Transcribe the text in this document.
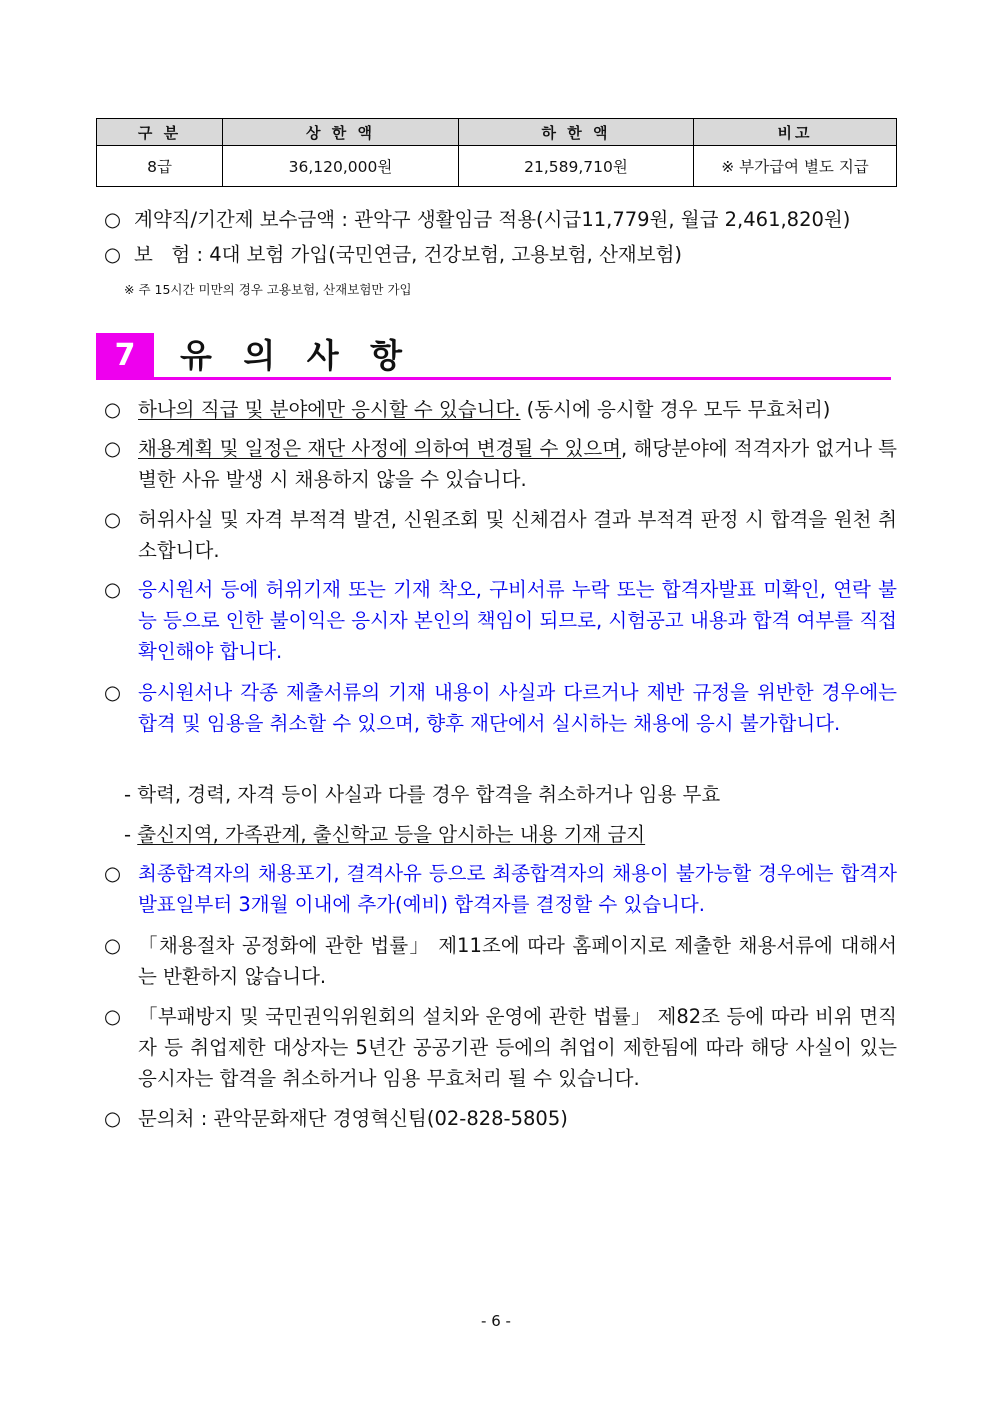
구 분	상 한 액	하 한 액	비고
8급	36,120,000원	21,589,710원	※ 부가급여 별도 지급
○ 계약직/기간제 보수금액 : 관악구 생활임금 적용(시급11,779원, 월급 2,461,820원)
○ 보   험 : 4대 보험 가입(국민연금, 건강보험, 고용보험, 산재보험)
※ 주 15시간 미만의 경우 고용보험, 산재보험만 가입
7	유 의 사 항
○ 하나의 직급 및 분야에만 응시할 수 있습니다. (동시에 응시할 경우 모두 무효처리)
○ 채용계획 및 일정은 재단 사정에 의하여 변경될 수 있으며, 해당분야에 적격자가 없거나 특별한 사유 발생 시 채용하지 않을 수 있습니다.
○ 허위사실 및 자격 부적격 발견, 신원조회 및 신체검사 결과 부적격 판정 시 합격을 원천 취소합니다.
○ 응시원서 등에 허위기재 또는 기재 착오, 구비서류 누락 또는 합격자발표 미확인, 연락 불능 등으로 인한 불이익은 응시자 본인의 책임이 되므로, 시험공고 내용과 합격 여부를 직접 확인해야 합니다.
○ 응시원서나 각종 제출서류의 기재 내용이 사실과 다르거나 제반 규정을 위반한 경우에는 합격 및 임용을 취소할 수 있으며, 향후 재단에서 실시하는 채용에 응시 불가합니다.
- 학력, 경력, 자격 등이 사실과 다를 경우 합격을 취소하거나 임용 무효
- 출신지역, 가족관계, 출신학교 등을 암시하는 내용 기재 금지
○ 최종합격자의 채용포기, 결격사유 등으로 최종합격자의 채용이 불가능할 경우에는 합격자 발표일부터 3개월 이내에 추가(예비) 합격자를 결정할 수 있습니다.
○ 「채용절차 공정화에 관한 법률」 제11조에 따라 홈페이지로 제출한 채용서류에 대해서는 반환하지 않습니다.
○ 「부패방지 및 국민권익위원회의 설치와 운영에 관한 법률」 제82조 등에 따라 비위 면직자 등 취업제한 대상자는 5년간 공공기관 등에의 취업이 제한됨에 따라 해당 사실이 있는 응시자는 합격을 취소하거나 임용 무효처리 될 수 있습니다.
○ 문의처 : 관악문화재단 경영혁신팀(02-828-5805)
- 6 -
